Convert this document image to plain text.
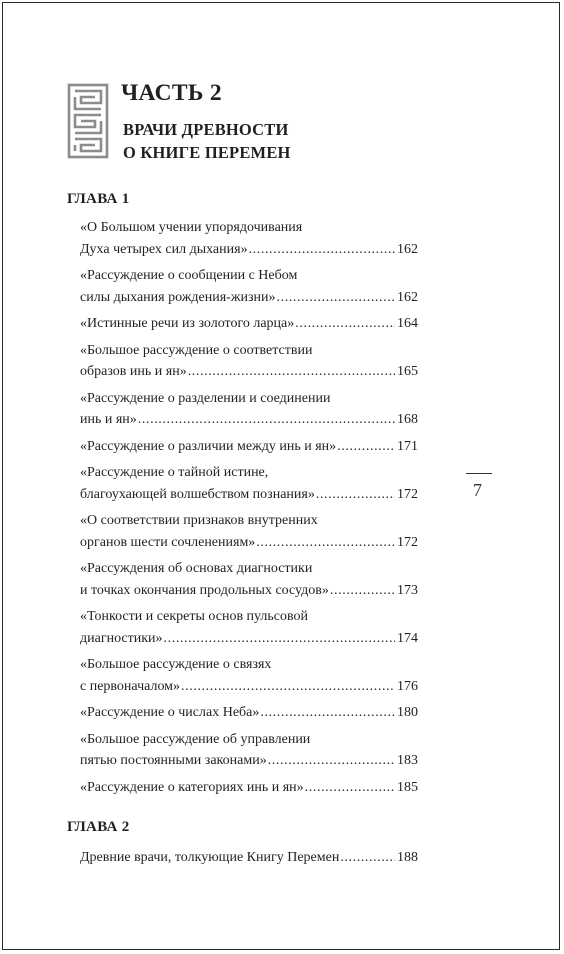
ЧАСТЬ 2
ВРАЧИ ДРЕВНОСТИ
О КНИГЕ ПЕРЕМЕН
ГЛАВА 1
«О Большом учении упорядочивания
Духа четырех сил дыхания» .....	162
«Рассуждение о сообщении с Небом
силы дыхания рождения-жизни» .....	162
«Истинные речи из золотого ларца» .....	164
«Большое рассуждение о соответствии
образов инь и ян» .....	165
«Рассуждение о разделении и соединении
инь и ян» .....	168
«Рассуждение о различии между инь и ян» .....	171
«Рассуждение о тайной истине,
благоухающей волшебством познания» .....	172
«О соответствии признаков внутренних
органов шести сочленениям» .....	172
«Рассуждения об основах диагностики
и точках окончания продольных сосудов» .....	173
«Тонкости и секреты основ пульсовой
диагностики» .....	174
«Большое рассуждение о связях
с первоначалом» .....	176
«Рассуждение о числах Неба» .....	180
«Большое рассуждение об управлении
пятью постоянными законами» .....	183
«Рассуждение о категориях инь и ян» .....	185
ГЛАВА 2
Древние врачи, толкующие Книгу Перемен .....	188
7
